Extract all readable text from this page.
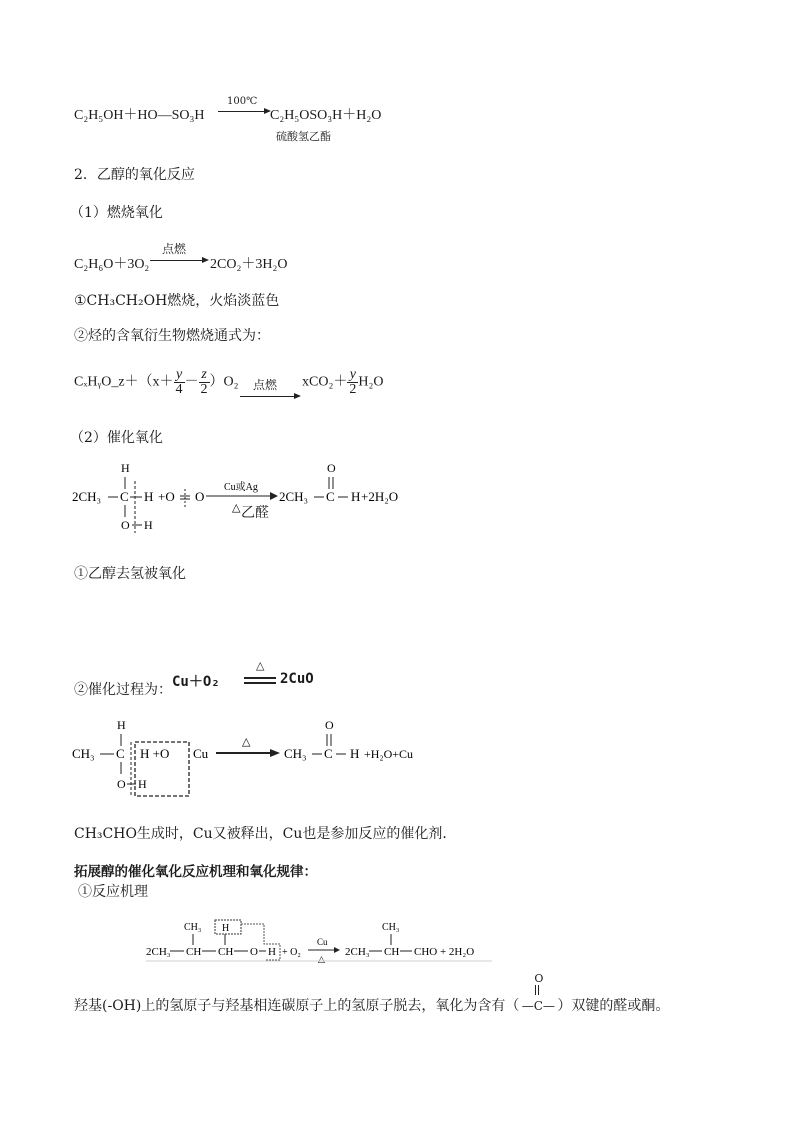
C₂H₅OH＋HO—SO₃H
100℃
C₂H₅OSO₃H＋H₂O
硫酸氢乙酯
2．乙醇的氧化反应
（1）燃烧氧化
C₂H₆O＋3O₂
点燃
2CO₂＋3H₂O
①CH₃CH₂OH燃烧，火焰淡蓝色
②烃的含氧衍生物燃烧通式为：
CₓHᵧO_z＋（x＋ $\frac{y}{4} - \frac{z}{2} )O_2$ 点燃 $xCO_2+ \frac{y}{2} H_2O$
（2）催化氧化
2CH₃
H
C
O H
H +O O
Cu或Ag
△
2CH₃ C
O
H +2H₂O
乙醛
①乙醇去氢被氧化
②催化过程为： Cu＋O₂
△
2CuO
CH₃
H
C
O H
H +O Cu
△
CH₃ C
O
H +H₂O+Cu
CH₃CHO生成时，Cu又被释出，Cu也是参加反应的催化剂．
拓展醇的催化氧化反应机理和氧化规律：
①反应机理
2CH₃ CH
CH₃
CH
H
O H + O₂
Cu
△
2CH₃ CH
CH₃
CHO + 2H₂O
羟基(-OH)上的氢原子与羟基相连碳原子上的氢原子脱去，氧化为含有（
O
—C— ）双键的醛或酮。
